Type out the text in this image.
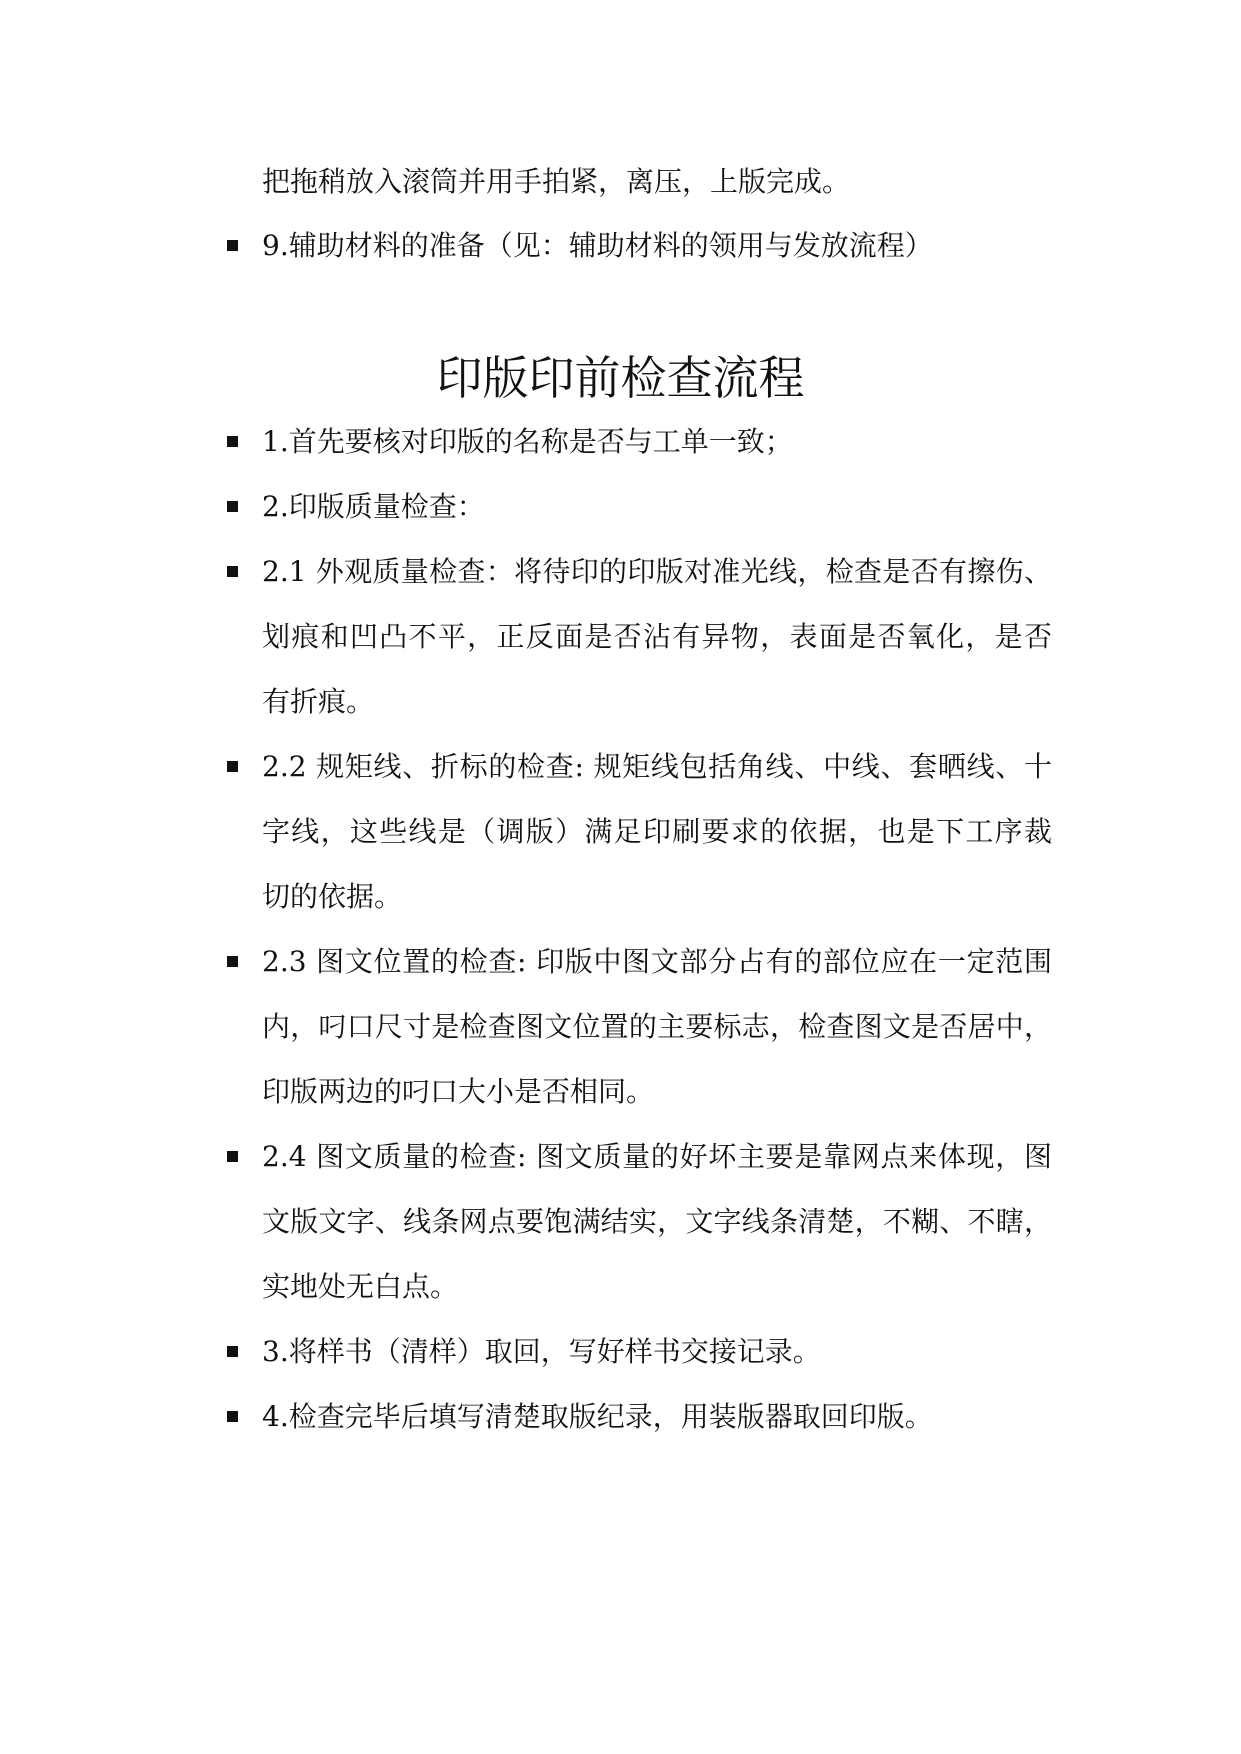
把拖稍放入滚筒并用手拍紧，离压，上版完成。
9.辅助材料的准备（见：辅助材料的领用与发放流程）
印版印前检查流程
1.首先要核对印版的名称是否与工单一致；
2.印版质量检查：
2.1 外观质量检查：将待印的印版对准光线，检查是否有擦伤、
划痕和凹凸不平，正反面是否沾有异物，表面是否氧化，是否
有折痕。
2.2 规矩线、折标的检查: 规矩线包括角线、中线、套晒线、十
字线，这些线是（调版）满足印刷要求的依据，也是下工序裁
切的依据。
2.3 图文位置的检查: 印版中图文部分占有的部位应在一定范围
内，叼口尺寸是检查图文位置的主要标志，检查图文是否居中，
印版两边的叼口大小是否相同。
2.4 图文质量的检查: 图文质量的好坏主要是靠网点来体现，图
文版文字、线条网点要饱满结实，文字线条清楚，不糊、不瞎，
实地处无白点。
3.将样书（清样）取回，写好样书交接记录。
4.检查完毕后填写清楚取版纪录，用装版器取回印版。
